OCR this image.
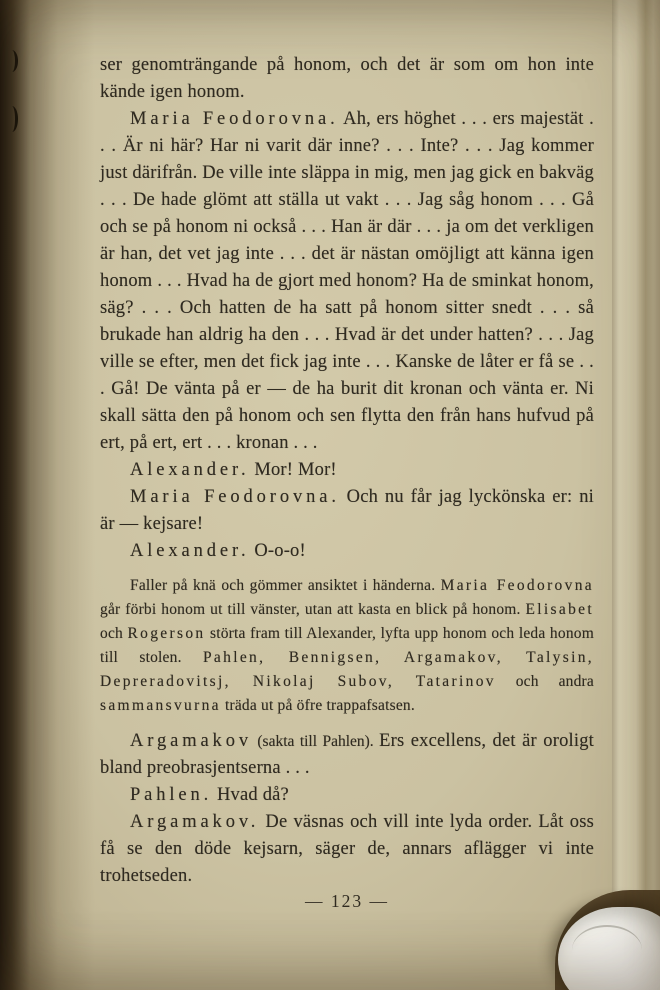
ser genomträngande på honom, och det är som om hon inte kände igen honom.

Maria Feodorovna. Ah, ers höghet . . . ers majestät . . . Är ni här? Har ni varit där inne? . . . Inte? . . . Jag kommer just därifrån. De ville inte släppa in mig, men jag gick en bakväg . . . De hade glömt att ställa ut vakt . . . Jag såg honom . . . Gå och se på honom ni också . . . Han är där . . . ja om det verkligen är han, det vet jag inte . . . det är nästan omöjligt att känna igen honom . . . Hvad ha de gjort med honom? Ha de sminkat honom, säg? . . . Och hatten de ha satt på honom sitter snedt . . . så brukade han aldrig ha den . . . Hvad är det under hatten? . . . Jag ville se efter, men det fick jag inte . . . Kanske de låter er få se . . . Gå! De vänta på er — de ha burit dit kronan och vänta er. Ni skall sätta den på honom och sen flytta den från hans hufvud på ert, på ert, ert . . . kronan . . .

Alexander. Mor! Mor!

Maria Feodorovna. Och nu får jag lyckönska er: ni är — kejsare!

Alexander. O-o-o!

Faller på knä och gömmer ansiktet i händerna. Maria Feodorovna går förbi honom ut till vänster, utan att kasta en blick på honom. Elisabet och Rogerson störta fram till Alexander, lyfta upp honom och leda honom till stolen. Pahlen, Bennigsen, Argamakov, Talysin, Depreradovitsj, Nikolaj Subov, Tatarinov och andra sammansvurna träda ut på öfre trappafsatsen.

Argamakov (sakta till Pahlen). Ers excellens, det är oroligt bland preobrasjentserna . . .

Pahlen. Hvad då?

Argamakov. De väsnas och vill inte lyda order. Låt oss få se den döde kejsarn, säger de, annars aflägger vi inte trohetseden.

— 123 —
